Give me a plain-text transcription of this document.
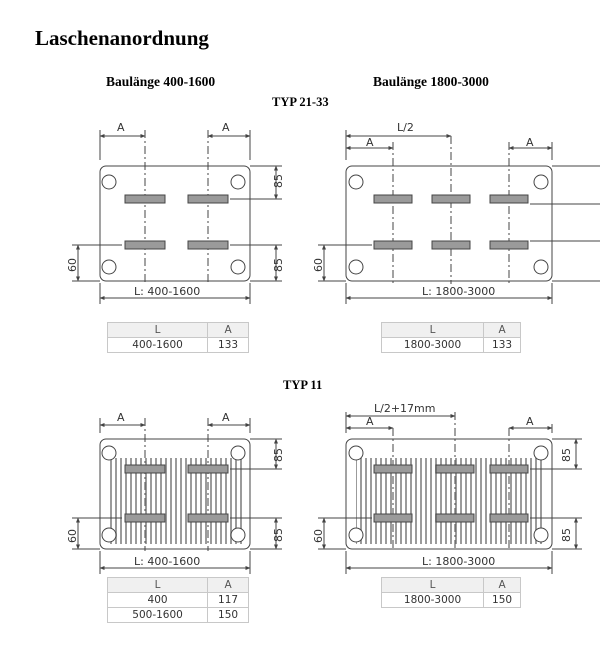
Laschenanordnung
Baulänge 400-1600	Baulänge 1800-3000
TYP 21-33
TYP 11
A	A
85
85
60
L: 400-1600
L/2
A	A
60
L: 1800-3000
A	A
85
85
60
L: 400-1600
L/2+17mm
A	A
85
85
60
L: 1800-3000
L	A
400-1600	133
L	A
1800-3000	133
L	A
400	117
500-1600	150
L	A
1800-3000	150
